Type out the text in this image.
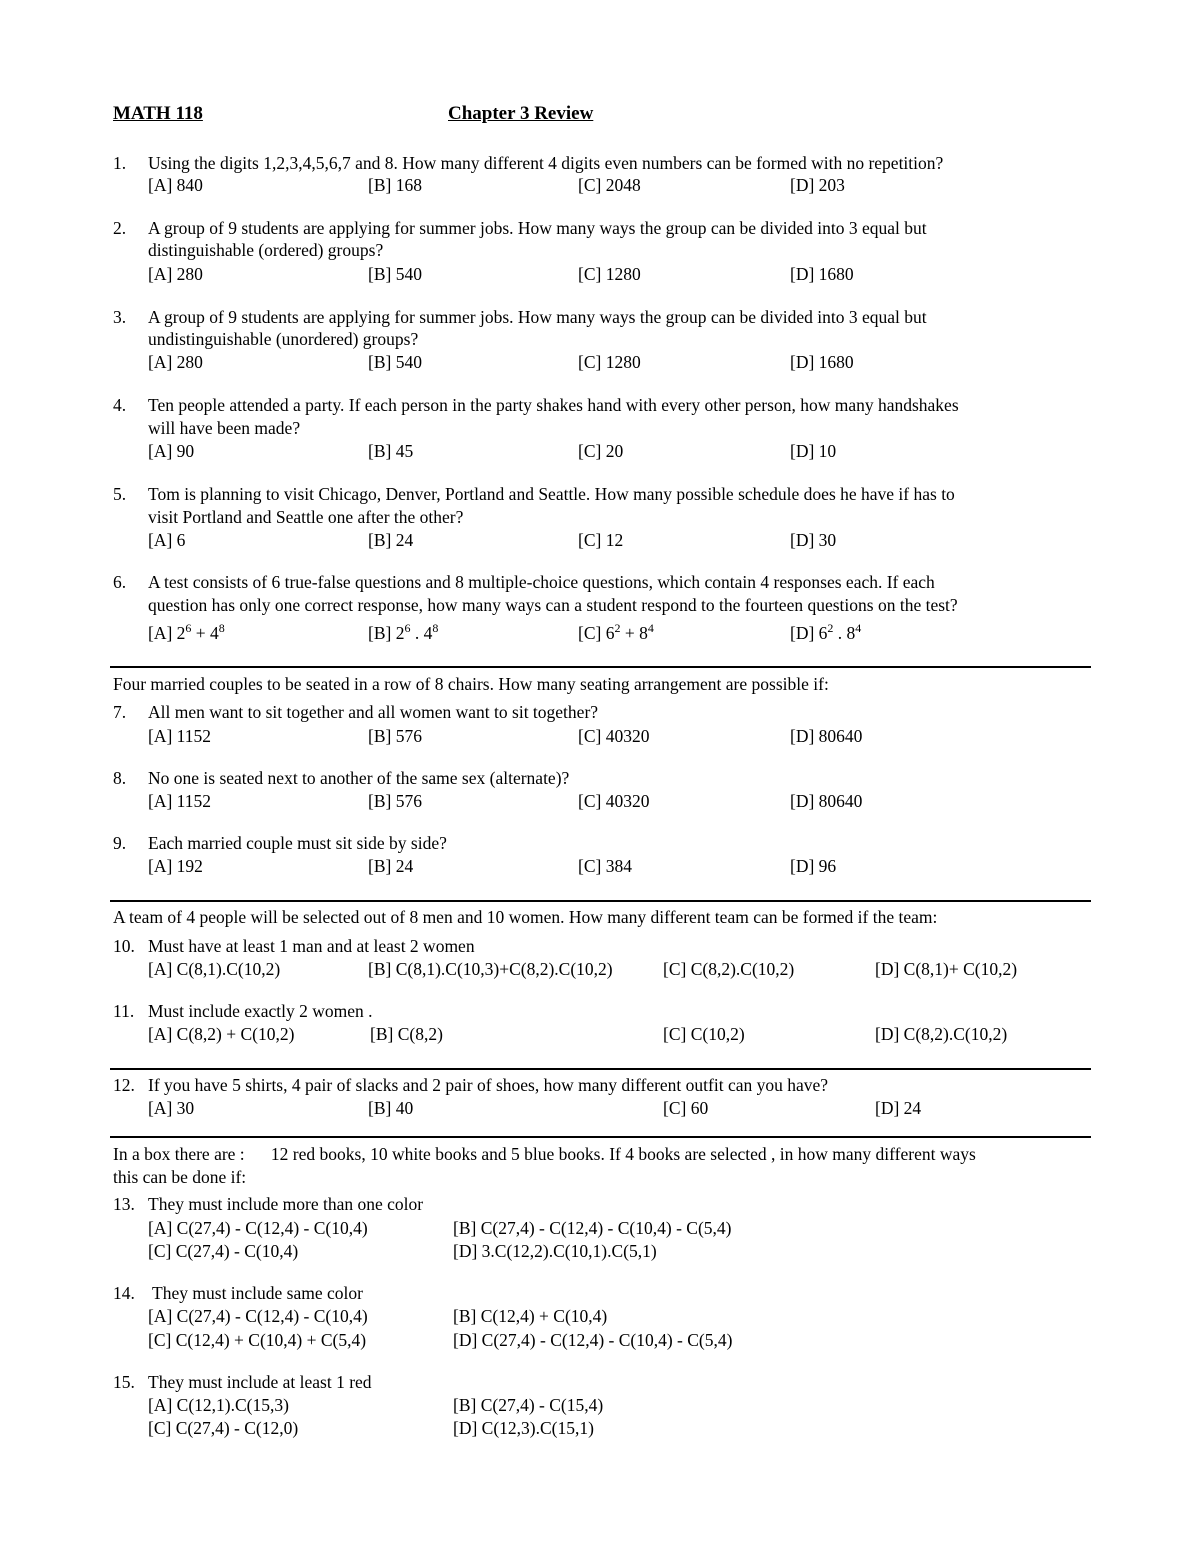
MATH 118	Chapter 3 Review
1. Using the digits 1,2,3,4,5,6,7 and 8. How many different 4 digits even numbers can be formed with no repetition?
[A] 840	[B] 168	[C] 2048	[D] 203
2. A group of 9 students are applying for summer jobs. How many ways the group can be divided into 3 equal but
distinguishable (ordered) groups?
[A] 280	[B] 540	[C] 1280	[D] 1680
3. A group of 9 students are applying for summer jobs. How many ways the group can be divided into 3 equal but
undistinguishable (unordered) groups?
[A] 280	[B] 540	[C] 1280	[D] 1680
4. Ten people attended a party. If each person in the party shakes hand with every other person, how many handshakes
will have been made?
[A] 90	[B] 45	[C] 20	[D] 10
5. Tom is planning to visit Chicago, Denver, Portland and Seattle. How many possible schedule does he have if has to
visit Portland and Seattle one after the other?
[A] 6	[B] 24	[C] 12	[D] 30
6. A test consists of 6 true-false questions and 8 multiple-choice questions, which contain 4 responses each. If each
question has only one correct response, how many ways can a student respond to the fourteen questions on the test?
[A] $2^6 + 4^8$	[B] $2^6$ . $4^8$	[C] $6^2 + 8^4$	[D] $6^2$ . $8^4$
Four married couples to be seated in a row of 8 chairs. How many seating arrangement are possible if:
7. All men want to sit together and all women want to sit together?
[A] 1152	[B] 576	[C] 40320	[D] 80640
8. No one is seated next to another of the same sex (alternate)?
[A] 1152	[B] 576	[C] 40320	[D] 80640
9. Each married couple must sit side by side?
[A] 192	[B] 24	[C] 384	[D] 96
A team of 4 people will be selected out of 8 men and 10 women. How many different team can be formed if the team:
10. Must have at least 1 man and at least 2 women
[A] C(8,1).C(10,2)	[B] C(8,1).C(10,3)+C(8,2).C(10,2)	[C] C(8,2).C(10,2)	[D] C(8,1)+ C(10,2)
11. Must include exactly 2 women .
[A] C(8,2) + C(10,2)	[B] C(8,2)	[C] C(10,2)	[D] C(8,2).C(10,2)
12. If you have 5 shirts, 4 pair of slacks and 2 pair of shoes, how many different outfit can you have?
[A] 30	[B] 40	[C] 60	[D] 24
In a box there are :      12 red books, 10 white books and 5 blue books. If 4 books are selected , in how many different ways
this can be done if:
13. They must include more than one color
[A] C(27,4) - C(12,4) - C(10,4)	[B] C(27,4) - C(12,4) - C(10,4) - C(5,4)
[C] C(27,4) - C(10,4)	[D] 3.C(12,2).C(10,1).C(5,1)
14. They must include same color
[A] C(27,4) - C(12,4) - C(10,4)	[B] C(12,4) + C(10,4)
[C] C(12,4) + C(10,4) + C(5,4)	[D] C(27,4) - C(12,4) - C(10,4) - C(5,4)
15. They must include at least 1 red
[A] C(12,1).C(15,3)	[B] C(27,4) - C(15,4)
[C] C(27,4) - C(12,0)	[D] C(12,3).C(15,1)
